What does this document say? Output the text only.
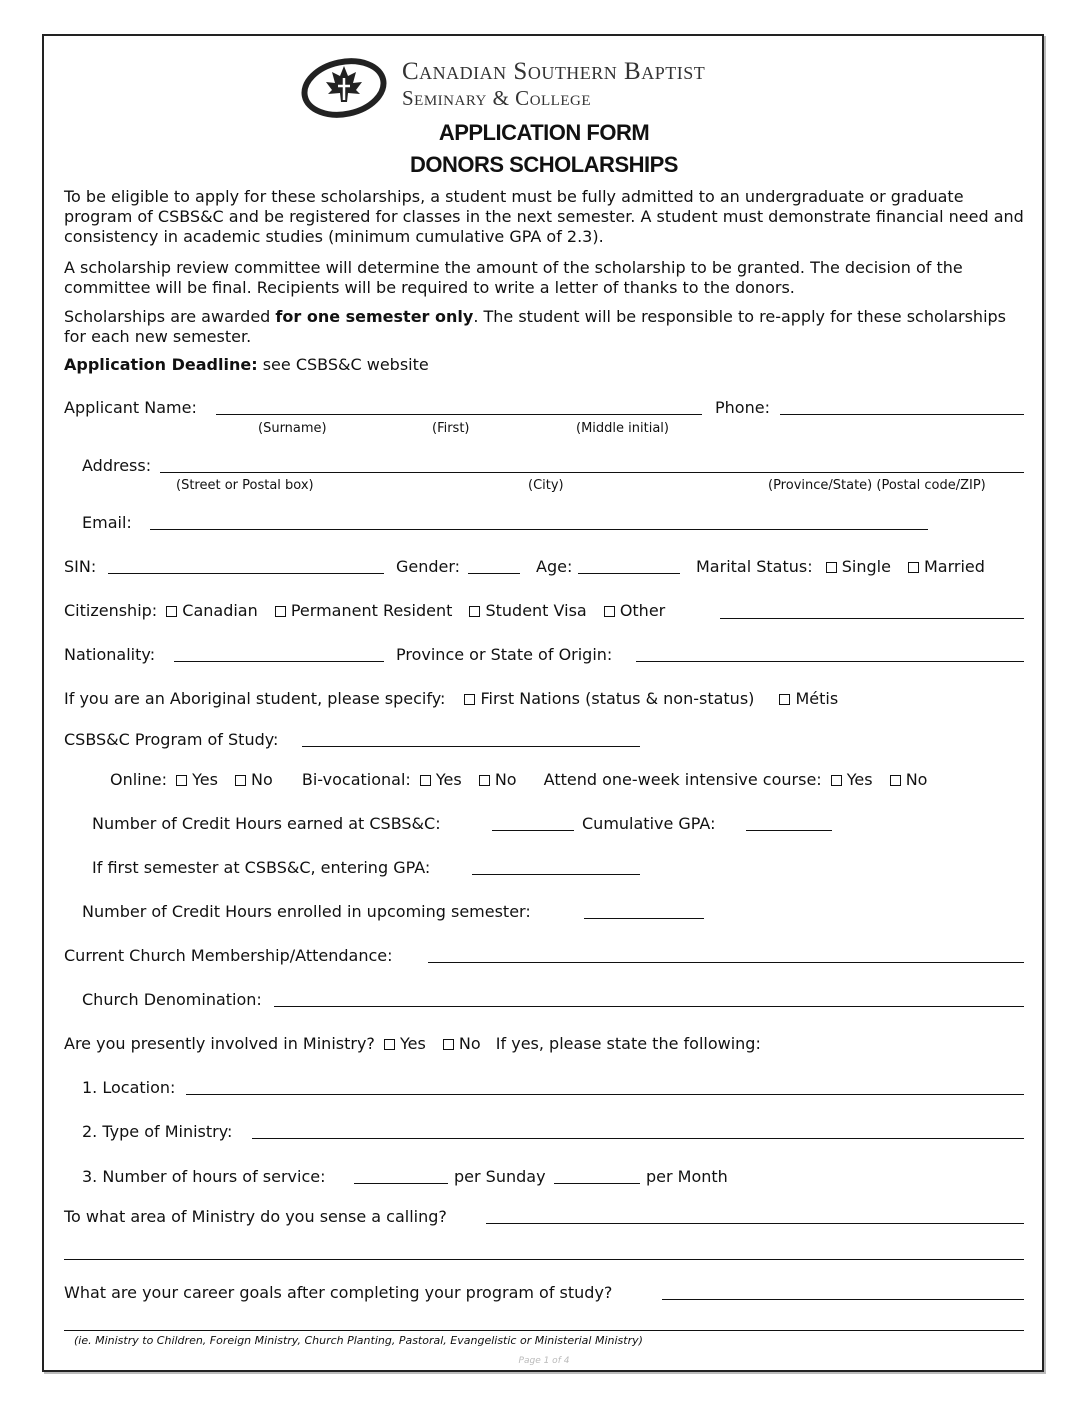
Canadian Southern Baptist
Seminary & College
APPLICATION FORM
DONORS SCHOLARSHIPS
To be eligible to apply for these scholarships, a student must be fully admitted to an undergraduate or graduate program of CSBS&C and be registered for classes in the next semester. A student must demonstrate financial need and consistency in academic studies (minimum cumulative GPA of 2.3).
A scholarship review committee will determine the amount of the scholarship to be granted. The decision of the committee will be final. Recipients will be required to write a letter of thanks to the donors.
Scholarships are awarded for one semester only. The student will be responsible to re-apply for these scholarships for each new semester.
Application Deadline: see CSBS&C website
Applicant Name:	Phone:
(Surname)	(First)	(Middle initial)
Address:
(Street or Postal box)	(City)	(Province/State) (Postal code/ZIP)
Email:
SIN:	Gender:	Age:	Marital Status: Single Married
Citizenship: Canadian Permanent Resident Student Visa Other
Nationality:	Province or State of Origin:
If you are an Aboriginal student, please specify: First Nations (status & non-status)	Métis
CSBS&C Program of Study:
Online: Yes No Bi-vocational: Yes No Attend one-week intensive course: Yes No
Number of Credit Hours earned at CSBS&C:	Cumulative GPA:
If first semester at CSBS&C, entering GPA:
Number of Credit Hours enrolled in upcoming semester:
Current Church Membership/Attendance:
Church Denomination:
Are you presently involved in Ministry? Yes No If yes, please state the following:
1. Location:
2. Type of Ministry:
3. Number of hours of service:	per Sunday	per Month
To what area of Ministry do you sense a calling?
What are your career goals after completing your program of study?
(ie. Ministry to Children, Foreign Ministry, Church Planting, Pastoral, Evangelistic or Ministerial Ministry)
Page 1 of 4
